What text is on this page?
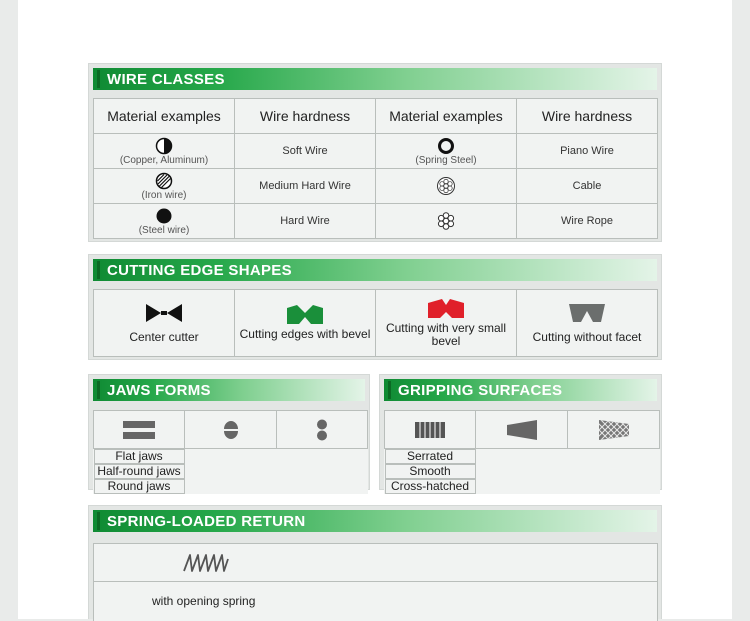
WIRE CLASSES
Material examples	Wire hardness	Material examples	Wire hardness

(Copper, Aluminum)	Soft Wire	(Spring Steel)	Piano Wire

(Iron wire)	Medium Hard Wire		Cable

(Steel wire)	Hard Wire		Wire Rope
CUTTING EDGE SHAPES
Center cutter	Cutting edges with bevel	Cutting with very small bevel	Cutting without facet
JAWS FORMS

Flat jaws
Half-round jaws
Round jaws
GRIPPING SURFACES

Serrated
Smooth
Cross-hatched
SPRING-LOADED RETURN

with opening spring
